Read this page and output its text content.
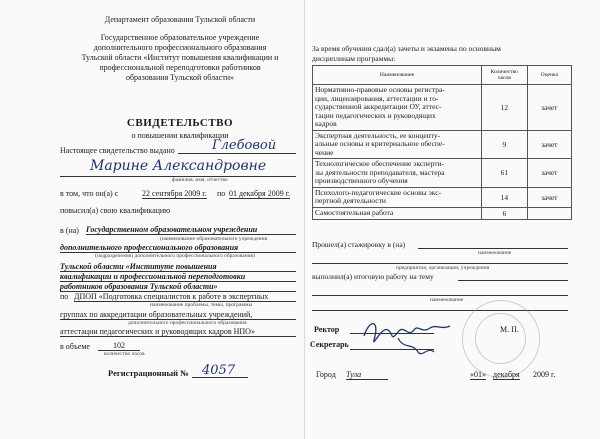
Департамент образования Тульской области
Государственное образовательное учреждение
дополнительного профессионального образования
Тульской области «Институт повышения квалификации и
профессиональной переподготовки работников
образования Тульской области»
СВИДЕТЕЛЬСТВО
о повышении квалификации
Настоящее свидетельство выдано	Глебовой
Марине Александровне
фамилия, имя, отчество
в том, что он(а) с	22 сентября 2009 г. по 01 декабря 2009 г.
повысил(а) свою квалификацию
в (на) Государственном образовательном учреждении
(наименование образовательного учреждения
дополнительного профессионального образования
(подразделения) дополнительного профессионального образования)
Тульской области «Институте повышения
квалификации и профессиональной переподготовки
работников образования Тульской области»
по ДПОП «Подготовка специалистов к работе в экспертных
наименование проблемы, темы, программы
группах по аккредитации образовательных учреждений,
дополнительного профессионального образования
аттестации педагогических и руководящих кадров НПО»
в объеме	102
количество часов
Регистрационный № 4057
За время обучения сдал(а) зачеты и экзамены по основным
дисциплинам программы:
Наименование	Количество часов	Оценка

Нормативно-правовые основы регистра-
ции, лицензирования, аттестации и го-
сударственной аккредитации ОУ, аттес-
тации педагогических и руководящих
кадров	12	зачет

Экспертная деятельность, ее концепту-
альные основы и критериальное обеспе-
чение	9	зачет

Технологическое обеспечение эксперти-
зы деятельности преподавателя, мастера
производственного обучения	61	зачет

Психолого-педагогические основы экс-
пертной деятельности	14	зачет

Самостоятельная работа	6	
Прошел(а) стажировку в (на)
наименование
предприятия, организации, учреждения
выполнил(а) итоговую работу на тему
наименование
Ректор
Секретарь
М. П.
Город Тула	«01» декабря 2009 г.
